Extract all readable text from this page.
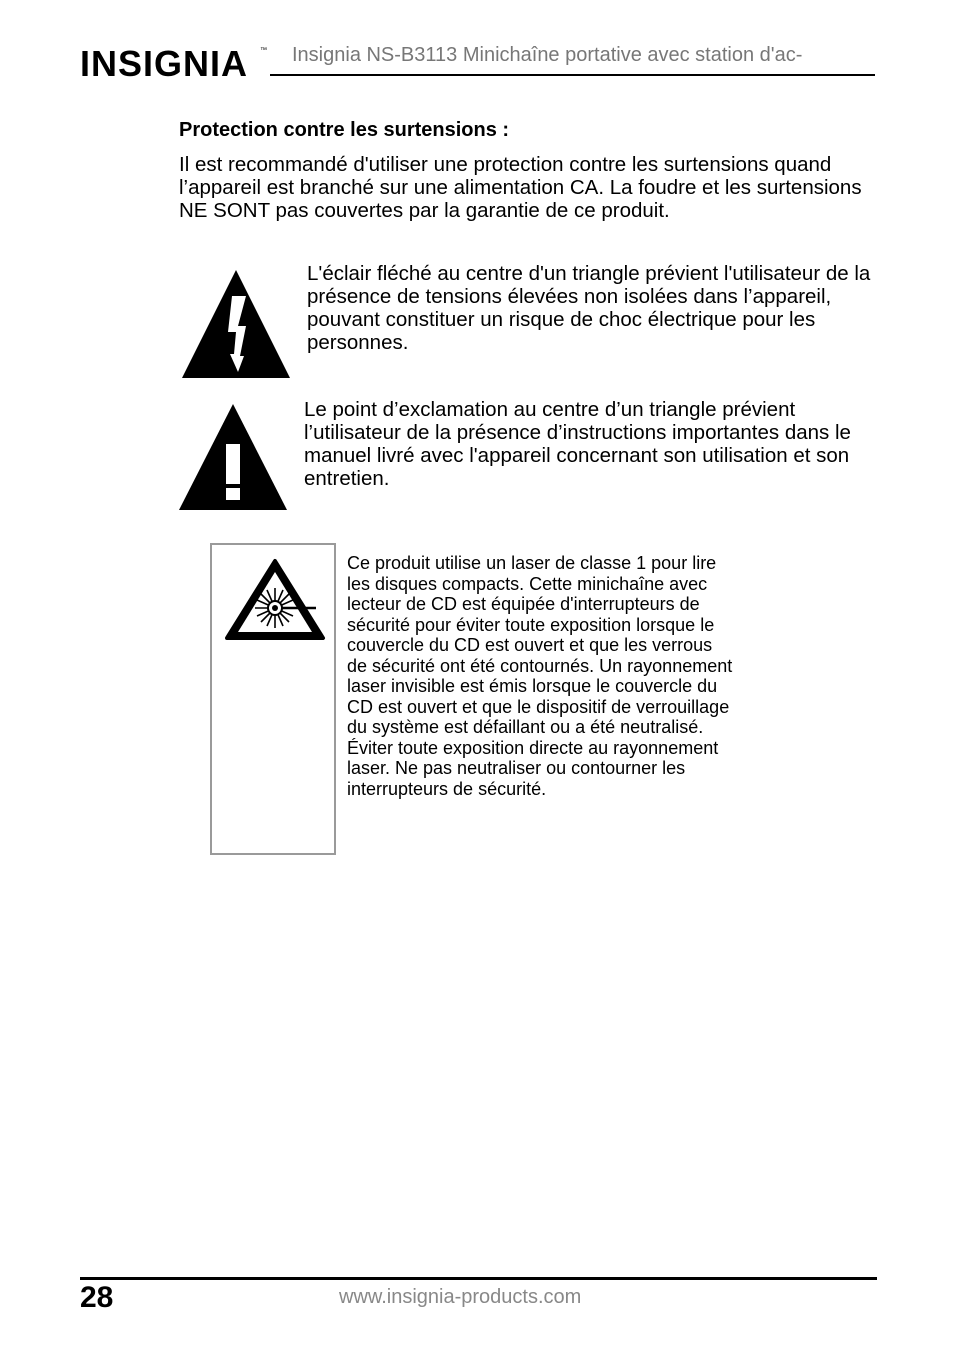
INSIGNIA ™ Insignia NS-B3113 Minichaîne portative avec station d'ac-
Protection contre les surtensions :
Il est recommandé d'utiliser une protection contre les surtensions quand l’appareil est branché sur une alimentation CA. La foudre et les surtensions NE SONT pas couvertes par la garantie de ce produit.
L'éclair fléché au centre d'un triangle prévient l'utilisateur de la présence de tensions élevées non isolées dans l’appareil, pouvant constituer un risque de choc électrique pour les personnes.
Le point d’exclamation au centre d’un triangle prévient l’utilisateur de la présence d’instructions importantes dans le manuel livré avec l'appareil concernant son utilisation et son entretien.
Ce produit utilise un laser de classe 1 pour lire les disques compacts. Cette minichaîne avec lecteur de CD est équipée d'interrupteurs de sécurité pour éviter toute exposition lorsque le couvercle du CD est ouvert et que les verrous de sécurité ont été contournés. Un rayonnement laser invisible est émis lorsque le couvercle du CD est ouvert et que le dispositif de verrouillage du système est défaillant ou a été neutralisé. Éviter toute exposition directe au rayonnement laser. Ne pas neutraliser ou contourner les interrupteurs de sécurité.
28	www.insignia-products.com
